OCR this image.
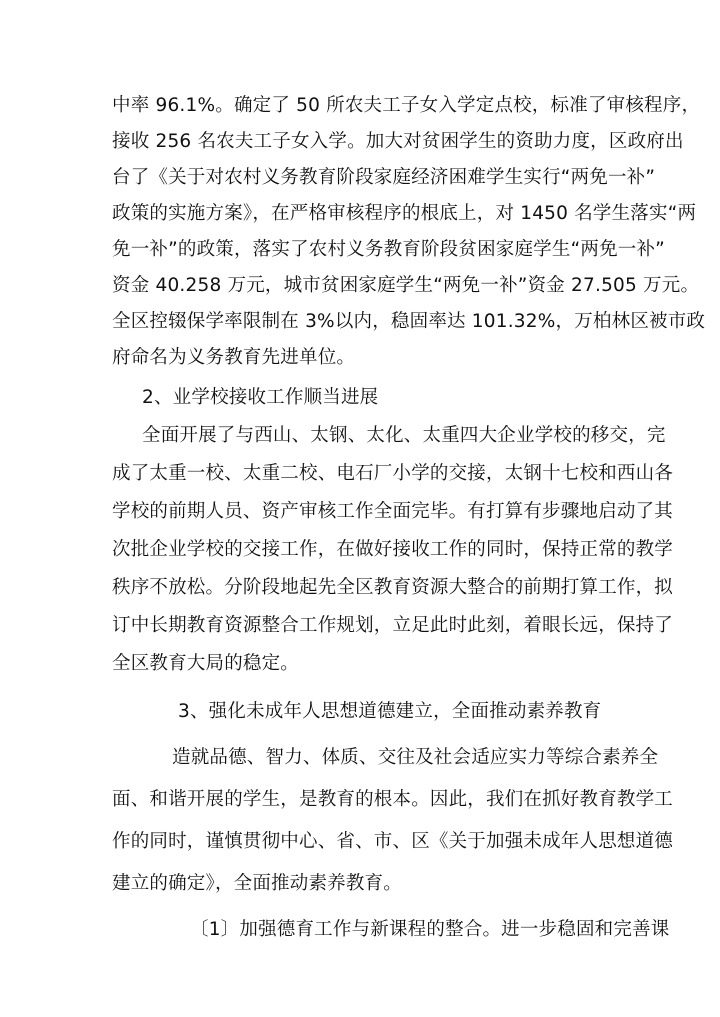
中率 96.1%。确定了 50 所农夫工子女入学定点校，标准了审核程序，
接收 256 名农夫工子女入学。加大对贫困学生的资助力度，区政府出
台了《关于对农村义务教育阶段家庭经济困难学生实行“两免一补”
政策的实施方案》，在严格审核程序的根底上，对 1450 名学生落实“两
免一补”的政策，落实了农村义务教育阶段贫困家庭学生“两免一补”
资金 40.258 万元，城市贫困家庭学生“两免一补”资金 27.505 万元。
全区控辍保学率限制在 3%以内，稳固率达 101.32%，万柏林区被市政
府命名为义务教育先进单位。
2、业学校接收工作顺当进展
全面开展了与西山、太钢、太化、太重四大企业学校的移交，完
成了太重一校、太重二校、电石厂小学的交接，太钢十七校和西山各
学校的前期人员、资产审核工作全面完毕。有打算有步骤地启动了其
次批企业学校的交接工作，在做好接收工作的同时，保持正常的教学
秩序不放松。分阶段地起先全区教育资源大整合的前期打算工作，拟
订中长期教育资源整合工作规划，立足此时此刻，着眼长远，保持了
全区教育大局的稳定。
3、强化未成年人思想道德建立，全面推动素养教育
造就品德、智力、体质、交往及社会适应实力等综合素养全
面、和谐开展的学生，是教育的根本。因此，我们在抓好教育教学工
作的同时，谨慎贯彻中心、省、市、区《关于加强未成年人思想道德
建立的确定》，全面推动素养教育。
〔1〕加强德育工作与新课程的整合。进一步稳固和完善课
